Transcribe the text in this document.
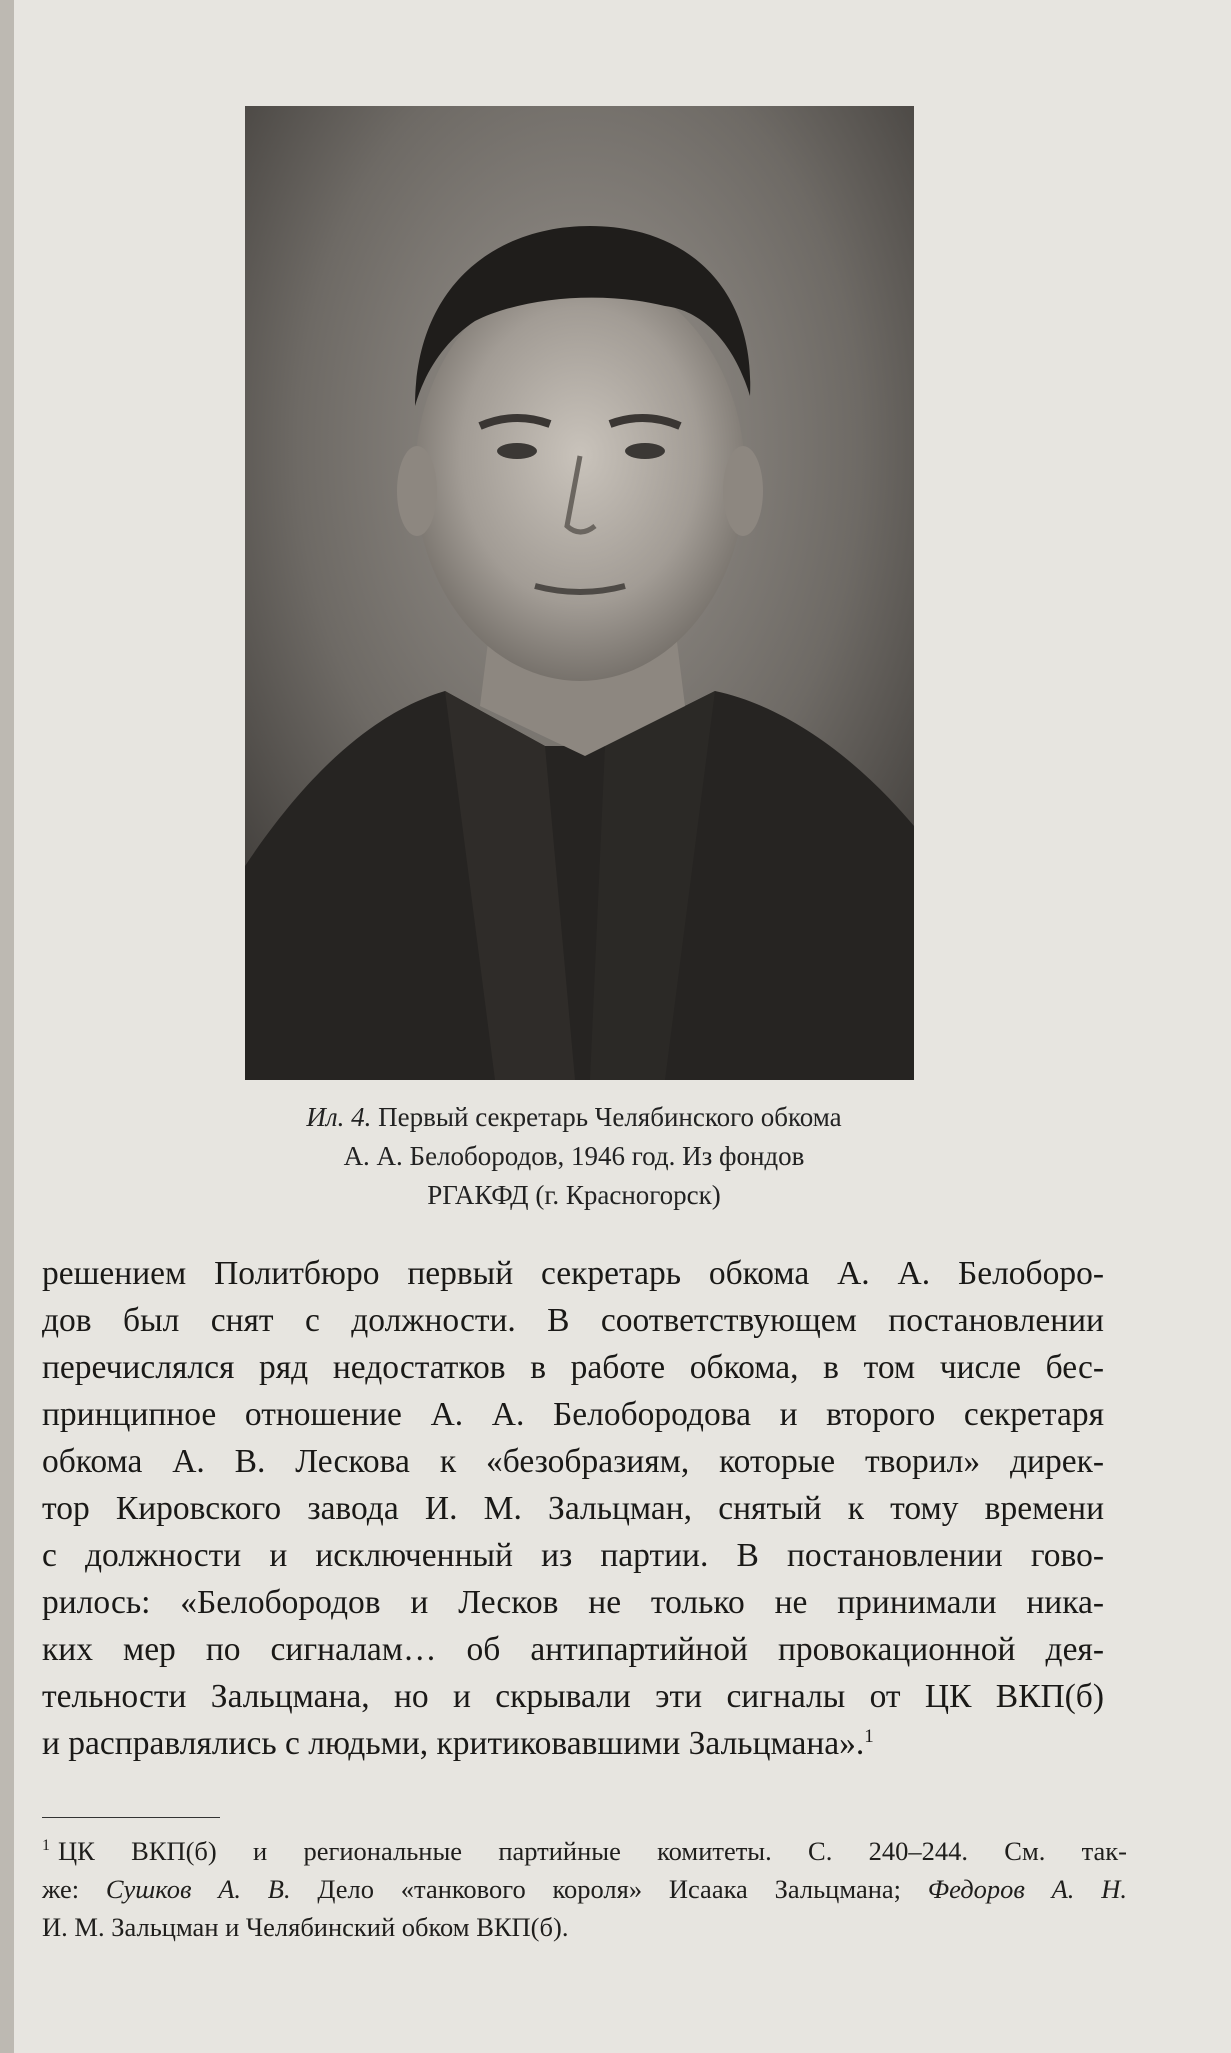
Ил. 4. Первый секретарь Челябинского обкома
А. А. Белобородов, 1946 год. Из фондов
РГАКФД (г. Красногорск)
решением Политбюро первый секретарь обкома А. А. Белоборо-
дов был снят с должности. В соответствующем постановлении
перечислялся ряд недостатков в работе обкома, в том числе бес-
принципное отношение А. А. Белобородова и второго секретаря
обкома А. В. Лескова к «безобразиям, которые творил» дирек-
тор Кировского завода И. М. Зальцман, снятый к тому времени
с должности и исключенный из партии. В постановлении гово-
рилось: «Белобородов и Лесков не только не принимали ника-
ких мер по сигналам… об антипартийной провокационной дея-
тельности Зальцмана, но и скрывали эти сигналы от ЦК ВКП(б)
и расправлялись с людьми, критиковавшими Зальцмана».$^1$
$^1$ ЦК ВКП(б) и региональные партийные комитеты. С. 240–244. См. так-
же: Сушков А. В. Дело «танкового короля» Исаака Зальцмана; Федоров А. Н.
И. М. Зальцман и Челябинский обком ВКП(б).
